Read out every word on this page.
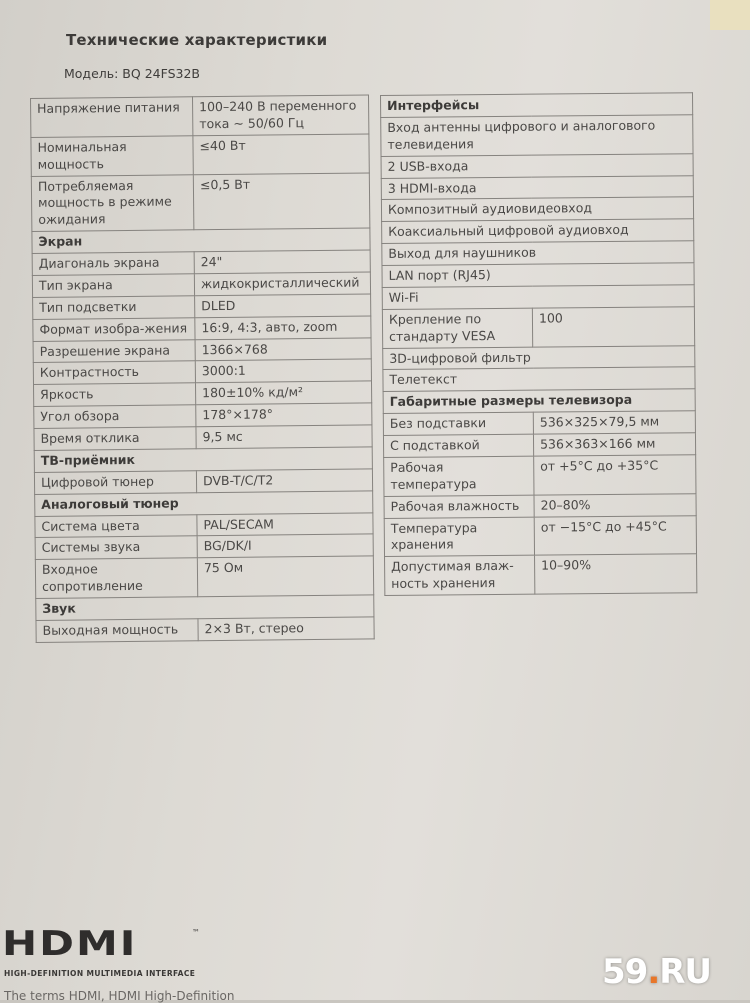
Технические характеристики
Модель: BQ 24FS32B
Напряжение питания	100–240 В переменного тока ~ 50/60 Гц
Номинальная мощность	≤40 Вт
Потребляемая мощность в режиме ожидания	≤0,5 Вт
Экран	
Диагональ экрана	24"
Тип экрана	жидкокристаллический
Тип подсветки	DLED
Формат изобра-жения	16:9, 4:3, авто, zoom
Разрешение экрана	1366×768
Контрастность	3000:1
Яркость	180±10% кд/м²
Угол обзора	178°×178°
Время отклика	9,5 мс
ТВ-приёмник	
Цифровой тюнер	DVB-T/C/T2
Аналоговый тюнер	
Система цвета	PAL/SECAM
Системы звука	BG/DK/I
Входное сопротивление	75 Ом
Звук	
Выходная мощность	2×3 Вт, стерео
Интерфейсы	
Вход антенны цифрового и аналогового телевидения	
2 USB-входа	
3 HDMI-входа	
Композитный аудиовидеовход	
Коаксиальный цифровой аудиовход	
Выход для наушников	
LAN порт (RJ45)	
Wi-Fi	
Крепление по стандарту VESA	100
3D-цифровой фильтр	
Телетекст	
Габаритные размеры телевизора	
Без подставки	536×325×79,5 мм
С подставкой	536×363×166 мм
Рабочая температура	от +5°С до +35°С
Рабочая влажность	20–80%
Температура хранения	от −15°С до +45°С
Допустимая влаж-ность хранения	10–90%
HDMI	™
HIGH-DEFINITION MULTIMEDIA INTERFACE
The terms HDMI, HDMI High-Definition
59.RU
